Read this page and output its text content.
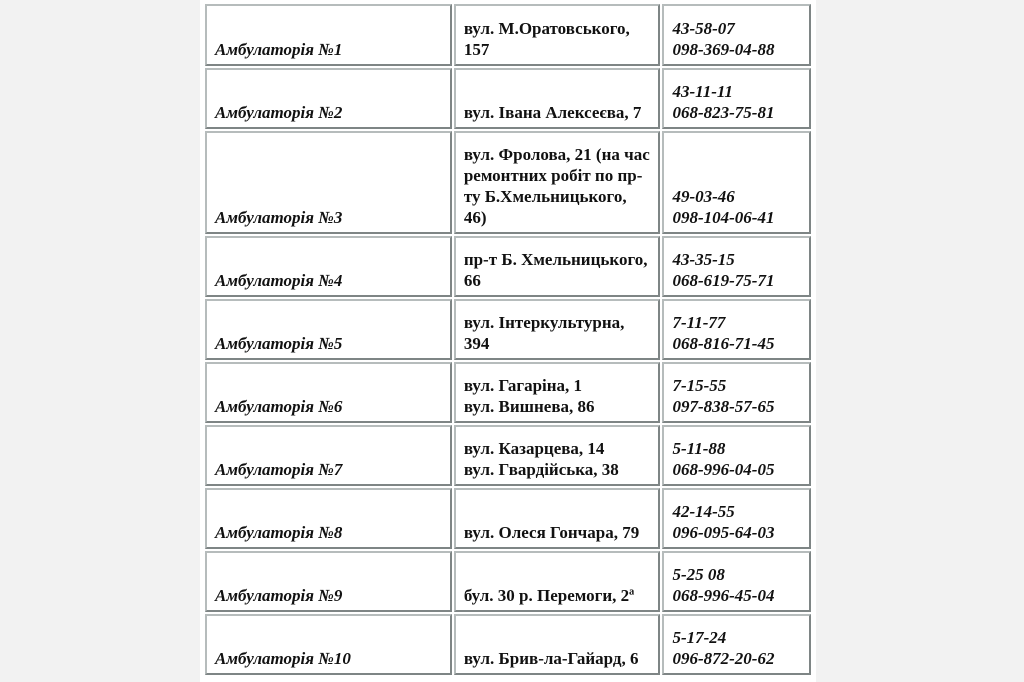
Амбулаторія №1	вул. М.Оратовського,
157	43-58-07
098-369-04-88

Амбулаторія №2	вул. Івана Алексеєва, 7	43-11-11
068-823-75-81

Амбулаторія №3	вул. Фролова, 21 (на час
ремонтних робіт по пр-
ту Б.Хмельницького,
46)	49-03-46
098-104-06-41

Амбулаторія №4	пр-т Б. Хмельницького,
66	43-35-15
068-619-75-71

Амбулаторія №5	вул. Інтеркультурна,
394	7-11-77
068-816-71-45

Амбулаторія №6	вул. Гагаріна, 1
вул. Вишнева, 86	7-15-55
097-838-57-65

Амбулаторія №7	вул. Казарцева, 14
вул. Гвардійська, 38	5-11-88
068-996-04-05

Амбулаторія №8	вул. Олеся Гончара, 79	42-14-55
096-095-64-03

Амбулаторія №9	бул. 30 р. Перемоги, 2ª	5-25 08
068-996-45-04

Амбулаторія №10	вул. Брив-ла-Гайард, 6	5-17-24
096-872-20-62
